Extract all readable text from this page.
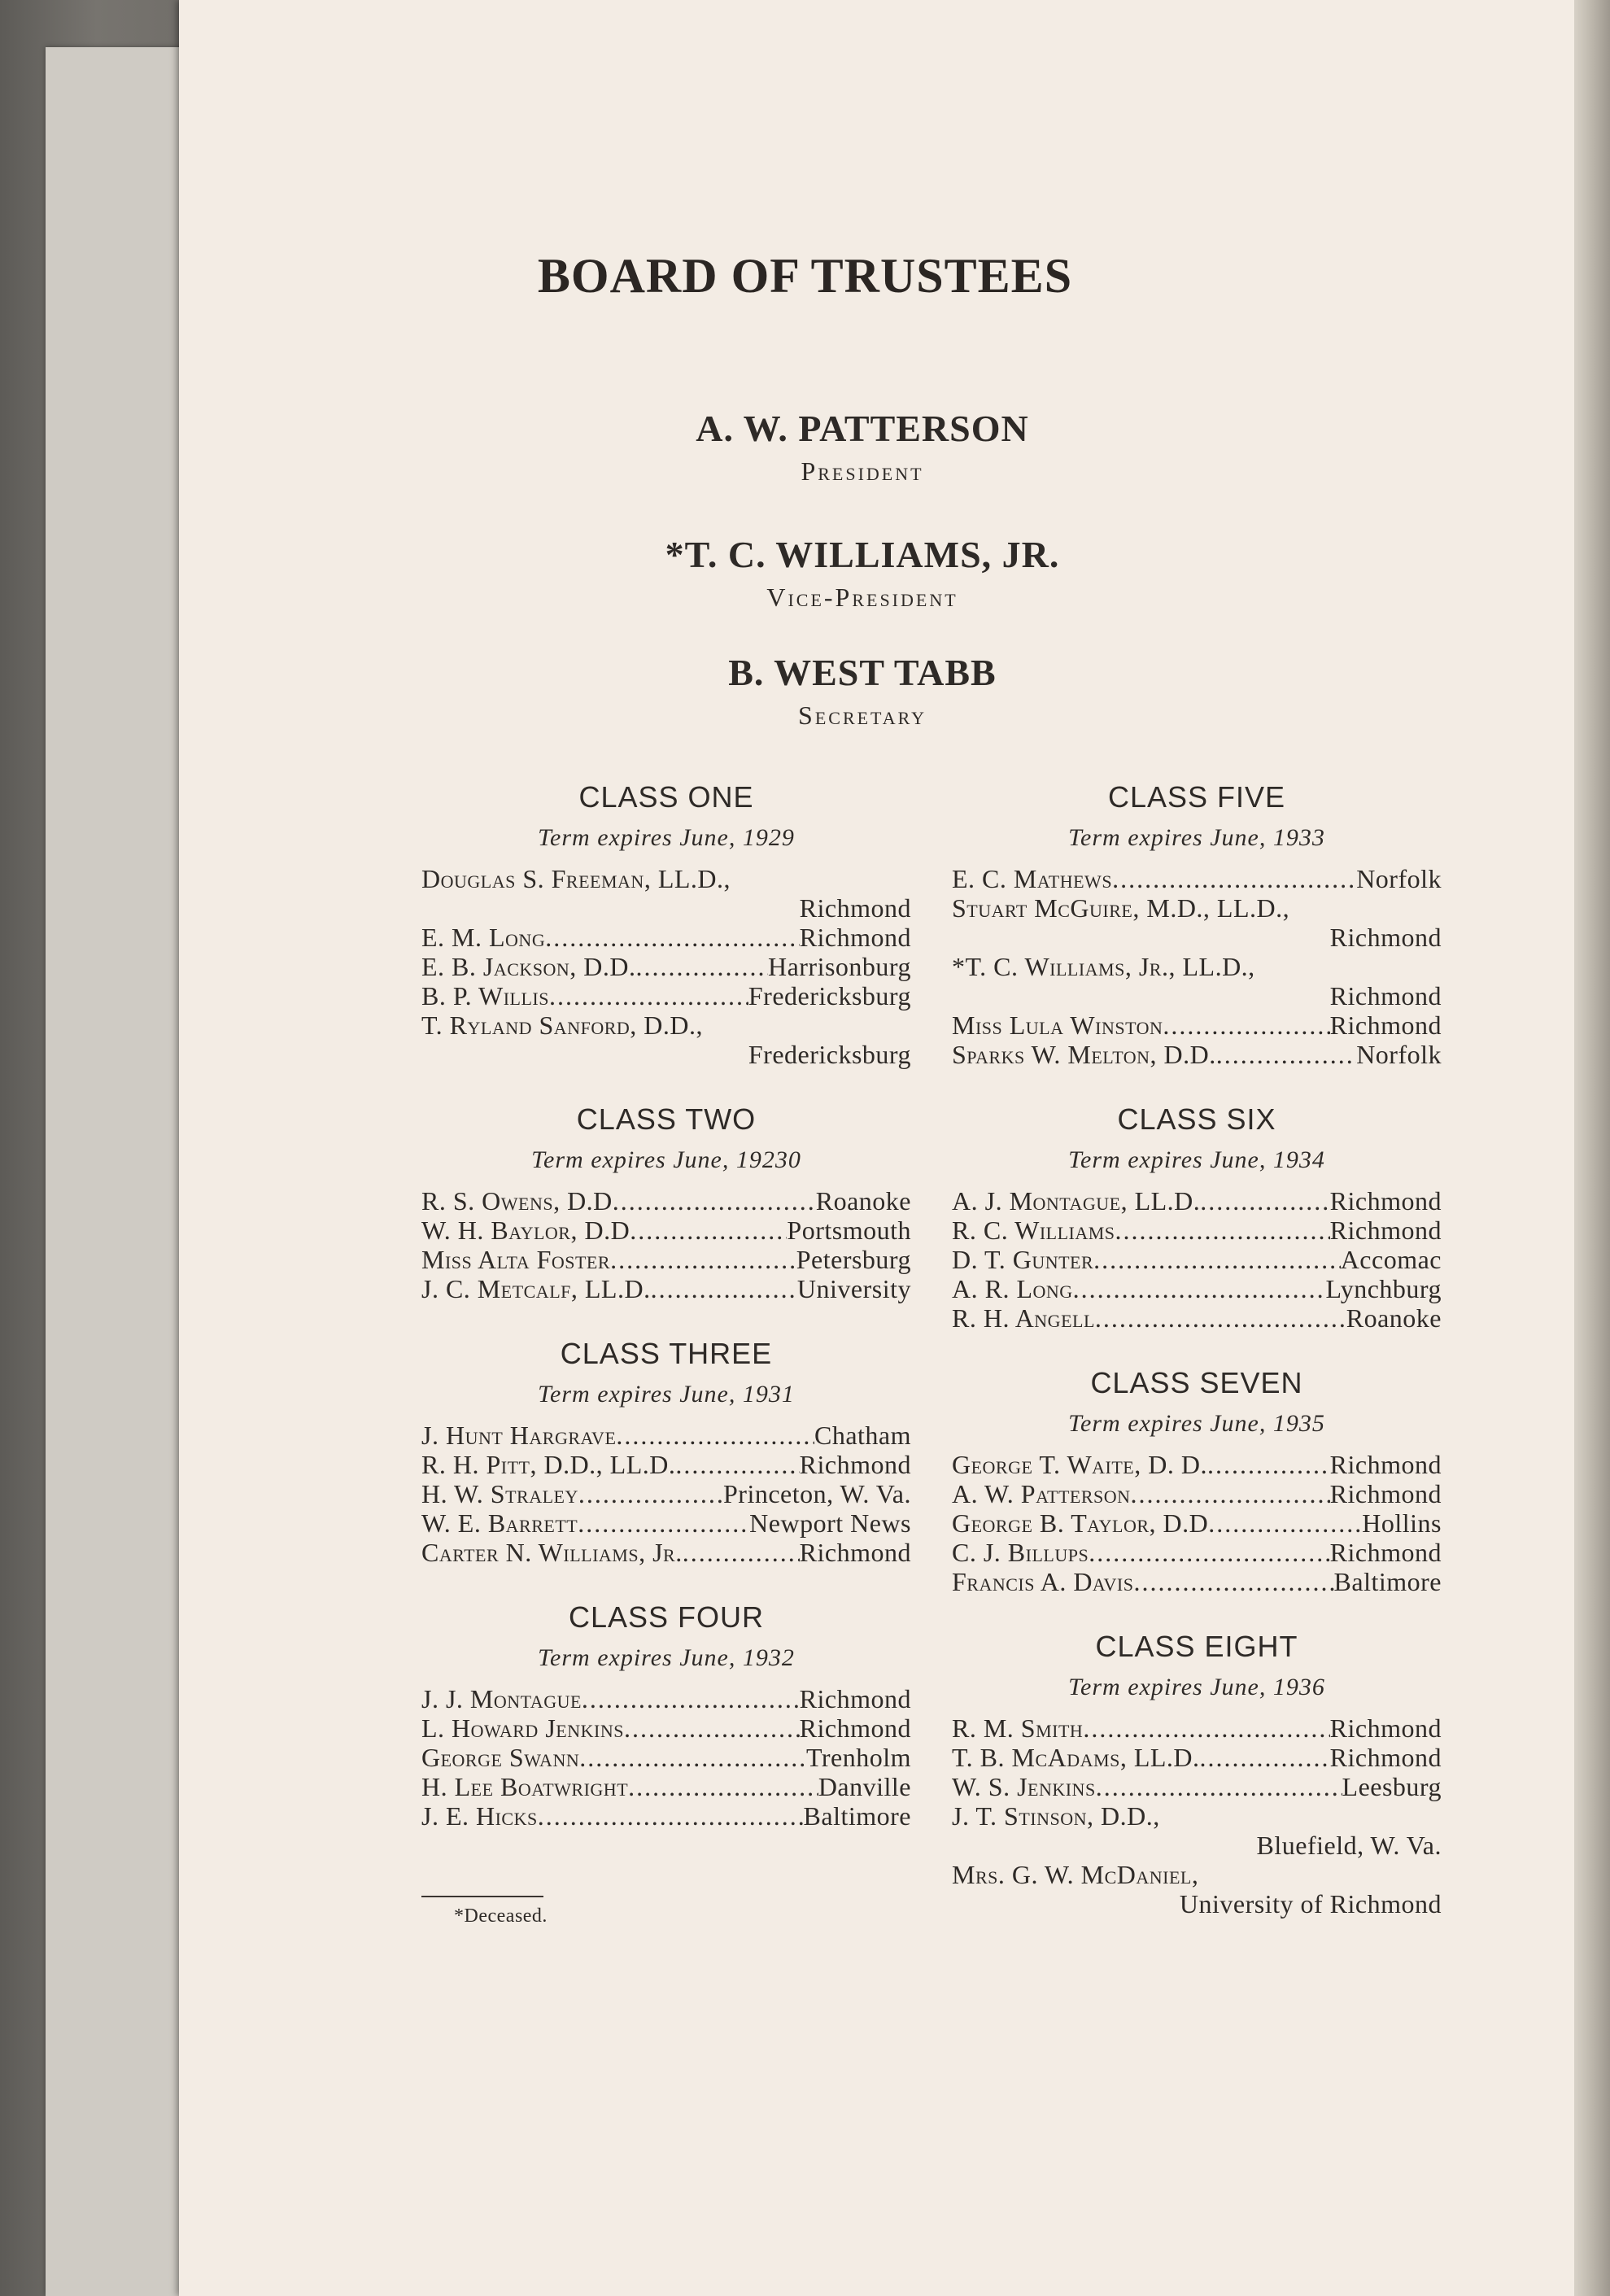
BOARD OF TRUSTEES
A. W. PATTERSON
President
*T. C. WILLIAMS, JR.
Vice-President
B. WEST TABB
Secretary
CLASS ONE
Term expires June, 1929
Douglas S. Freeman, LL.D.,
Richmond
E. M. Long .....	Richmond
E. B. Jackson, D.D. .....	Harrisonburg
B. P. Willis .....	Fredericksburg
T. Ryland Sanford, D.D.,
Fredericksburg
CLASS TWO
Term expires June, 19230
R. S. Owens, D.D .....	Roanoke
W. H. Baylor, D.D .....	Portsmouth
Miss Alta Foster .....	Petersburg
J. C. Metcalf, LL.D. .....	University
CLASS THREE
Term expires June, 1931
J. Hunt Hargrave .....	Chatham
R. H. Pitt, D.D., LL.D. .....	Richmond
H. W. Straley .....	Princeton, W. Va.
W. E. Barrett .....	Newport News
Carter N. Williams, Jr. .....	Richmond
CLASS FOUR
Term expires June, 1932
J. J. Montague .....	Richmond
L. Howard Jenkins .....	Richmond
George Swann .....	Trenholm
H. Lee Boatwright .....	Danville
J. E. Hicks .....	Baltimore
CLASS FIVE
Term expires June, 1933
E. C. Mathews .....	Norfolk
Stuart McGuire, M.D., LL.D.,
Richmond
*T. C. Williams, Jr., LL.D.,
Richmond
Miss Lula Winston .....	Richmond
Sparks W. Melton, D.D. .....	Norfolk
CLASS SIX
Term expires June, 1934
A. J. Montague, LL.D. .....	Richmond
R. C. Williams .....	Richmond
D. T. Gunter .....	Accomac
A. R. Long .....	Lynchburg
R. H. Angell .....	Roanoke
CLASS SEVEN
Term expires June, 1935
George T. Waite, D. D. .....	Richmond
A. W. Patterson .....	Richmond
George B. Taylor, D.D .....	Hollins
C. J. Billups .....	Richmond
Francis A. Davis .....	Baltimore
CLASS EIGHT
Term expires June, 1936
R. M. Smith .....	Richmond
T. B. McAdams, LL.D. .....	Richmond
W. S. Jenkins .....	Leesburg
J. T. Stinson, D.D.,
Bluefield, W. Va.
Mrs. G. W. McDaniel,
University of Richmond
*Deceased.
